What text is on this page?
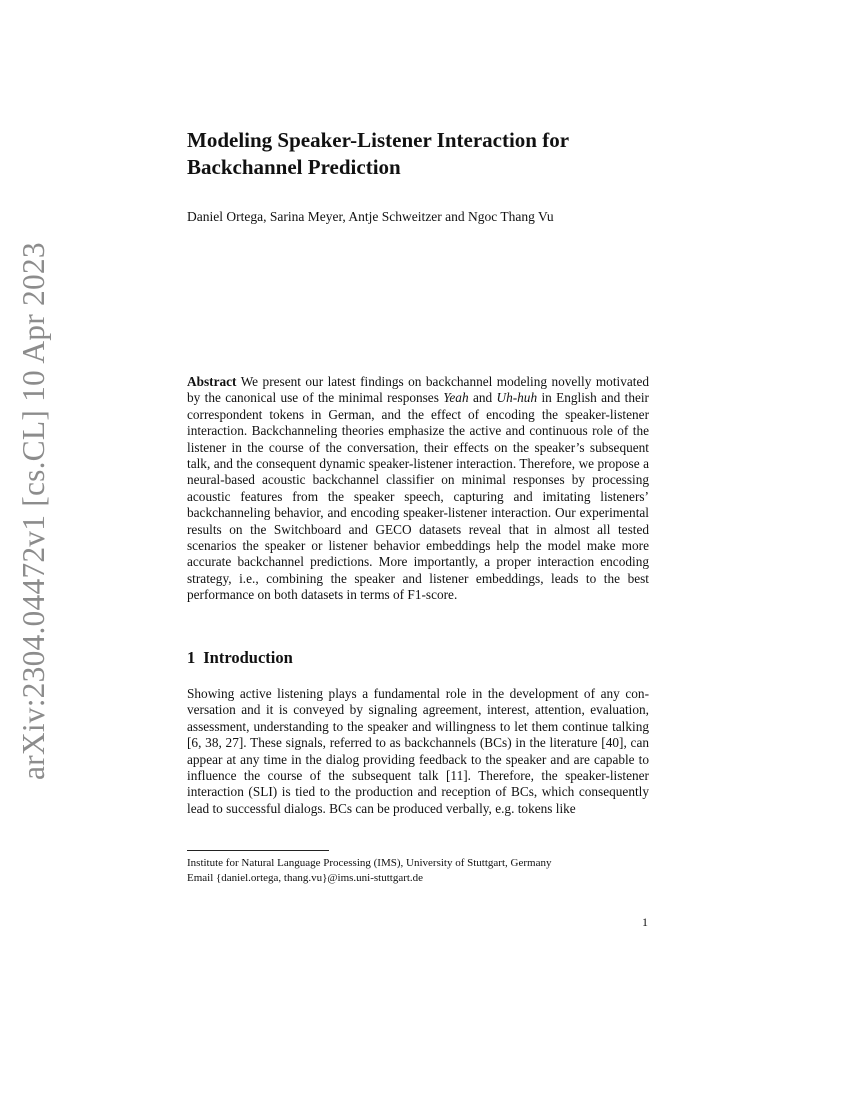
arXiv:2304.04472v1 [cs.CL] 10 Apr 2023
Modeling Speaker-Listener Interaction for Backchannel Prediction
Daniel Ortega, Sarina Meyer, Antje Schweitzer and Ngoc Thang Vu

Abstract We present our latest findings on backchannel modeling novelly motivated by the canonical use of the minimal responses Yeah and Uh-huh in English and their correspondent tokens in German, and the effect of encoding the speaker-listener interaction. Backchanneling theories emphasize the active and continuous role of the listener in the course of the conversation, their effects on the speaker’s subsequent talk, and the consequent dynamic speaker-listener interaction. Therefore, we propose a neural-based acoustic backchannel classifier on minimal responses by processing acoustic features from the speaker speech, capturing and imitating listeners’ backchanneling behavior, and encoding speaker-listener interaction. Our experimental results on the Switchboard and GECO datasets reveal that in almost all tested scenarios the speaker or listener behavior embeddings help the model make more accurate backchannel predictions. More importantly, a proper interaction encoding strategy, i.e., combining the speaker and listener embeddings, leads to the best performance on both datasets in terms of F1-score.

1 Introduction

Showing active listening plays a fundamental role in the development of any conversation and it is conveyed by signaling agreement, interest, attention, evaluation, assessment, understanding to the speaker and willingness to let them continue talking [6, 38, 27]. These signals, referred to as backchannels (BCs) in the literature [40], can appear at any time in the dialog providing feedback to the speaker and are capable to influence the course of the subsequent talk [11]. Therefore, the speaker-listener interaction (SLI) is tied to the production and reception of BCs, which consequently lead to successful dialogs. BCs can be produced verbally, e.g. tokens like

Institute for Natural Language Processing (IMS), University of Stuttgart, Germany
Email {daniel.ortega, thang.vu}@ims.uni-stuttgart.de
1
